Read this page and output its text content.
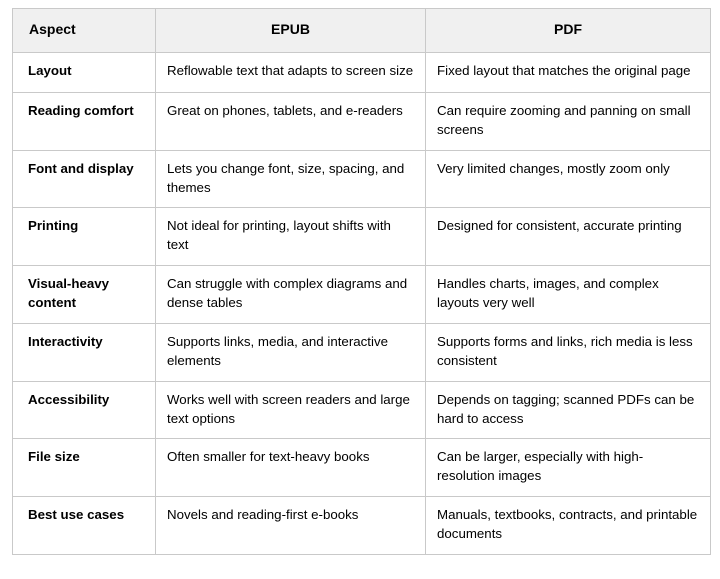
Aspect	EPUB	PDF
Layout	Reflowable text that adapts to screen size	Fixed layout that matches the original page
Reading comfort	Great on phones, tablets, and e-readers	Can require zooming and panning on small screens
Font and display	Lets you change font, size, spacing, and themes	Very limited changes, mostly zoom only
Printing	Not ideal for printing, layout shifts with text	Designed for consistent, accurate printing
Visual-heavy content	Can struggle with complex diagrams and dense tables	Handles charts, images, and complex layouts very well
Interactivity	Supports links, media, and interactive elements	Supports forms and links, rich media is less consistent
Accessibility	Works well with screen readers and large text options	Depends on tagging; scanned PDFs can be hard to access
File size	Often smaller for text-heavy books	Can be larger, especially with high-resolution images
Best use cases	Novels and reading-first e-books	Manuals, textbooks, contracts, and printable documents
